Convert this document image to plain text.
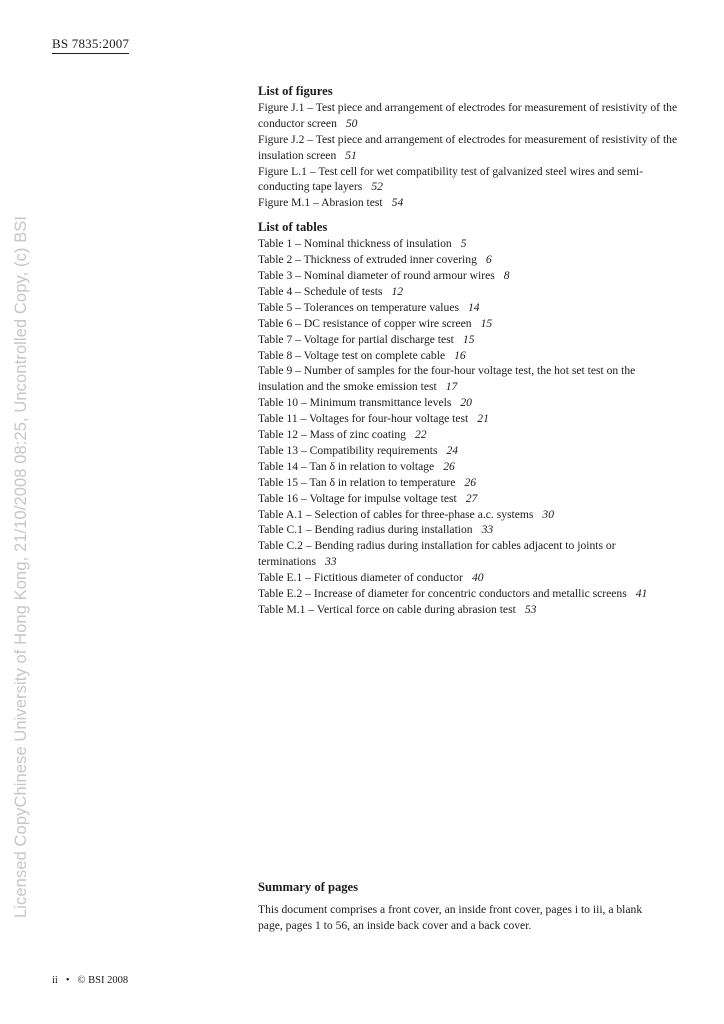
BS 7835:2007
Licensed CopyChinese University of Hong Kong, 21/10/2008 08:25, Uncontrolled Copy, (c) BSI
List of figures
Figure J.1 – Test piece and arrangement of electrodes for measurement of resistivity of the conductor screen 50
Figure J.2 – Test piece and arrangement of electrodes for measurement of resistivity of the insulation screen 51
Figure L.1 – Test cell for wet compatibility test of galvanized steel wires and semi-conducting tape layers 52
Figure M.1 – Abrasion test 54
List of tables
Table 1 – Nominal thickness of insulation 5
Table 2 – Thickness of extruded inner covering 6
Table 3 – Nominal diameter of round armour wires 8
Table 4 – Schedule of tests 12
Table 5 – Tolerances on temperature values 14
Table 6 – DC resistance of copper wire screen 15
Table 7 – Voltage for partial discharge test 15
Table 8 – Voltage test on complete cable 16
Table 9 – Number of samples for the four-hour voltage test, the hot set test on the insulation and the smoke emission test 17
Table 10 – Minimum transmittance levels 20
Table 11 – Voltages for four-hour voltage test 21
Table 12 – Mass of zinc coating 22
Table 13 – Compatibility requirements 24
Table 14 – Tan δ in relation to voltage 26
Table 15 – Tan δ in relation to temperature 26
Table 16 – Voltage for impulse voltage test 27
Table A.1 – Selection of cables for three-phase a.c. systems 30
Table C.1 – Bending radius during installation 33
Table C.2 – Bending radius during installation for cables adjacent to joints or terminations 33
Table E.1 – Fictitious diameter of conductor 40
Table E.2 – Increase of diameter for concentric conductors and metallic screens 41
Table M.1 – Vertical force on cable during abrasion test 53
Summary of pages
This document comprises a front cover, an inside front cover, pages i to iii, a blank page, pages 1 to 56, an inside back cover and a back cover.
ii • © BSI 2008
